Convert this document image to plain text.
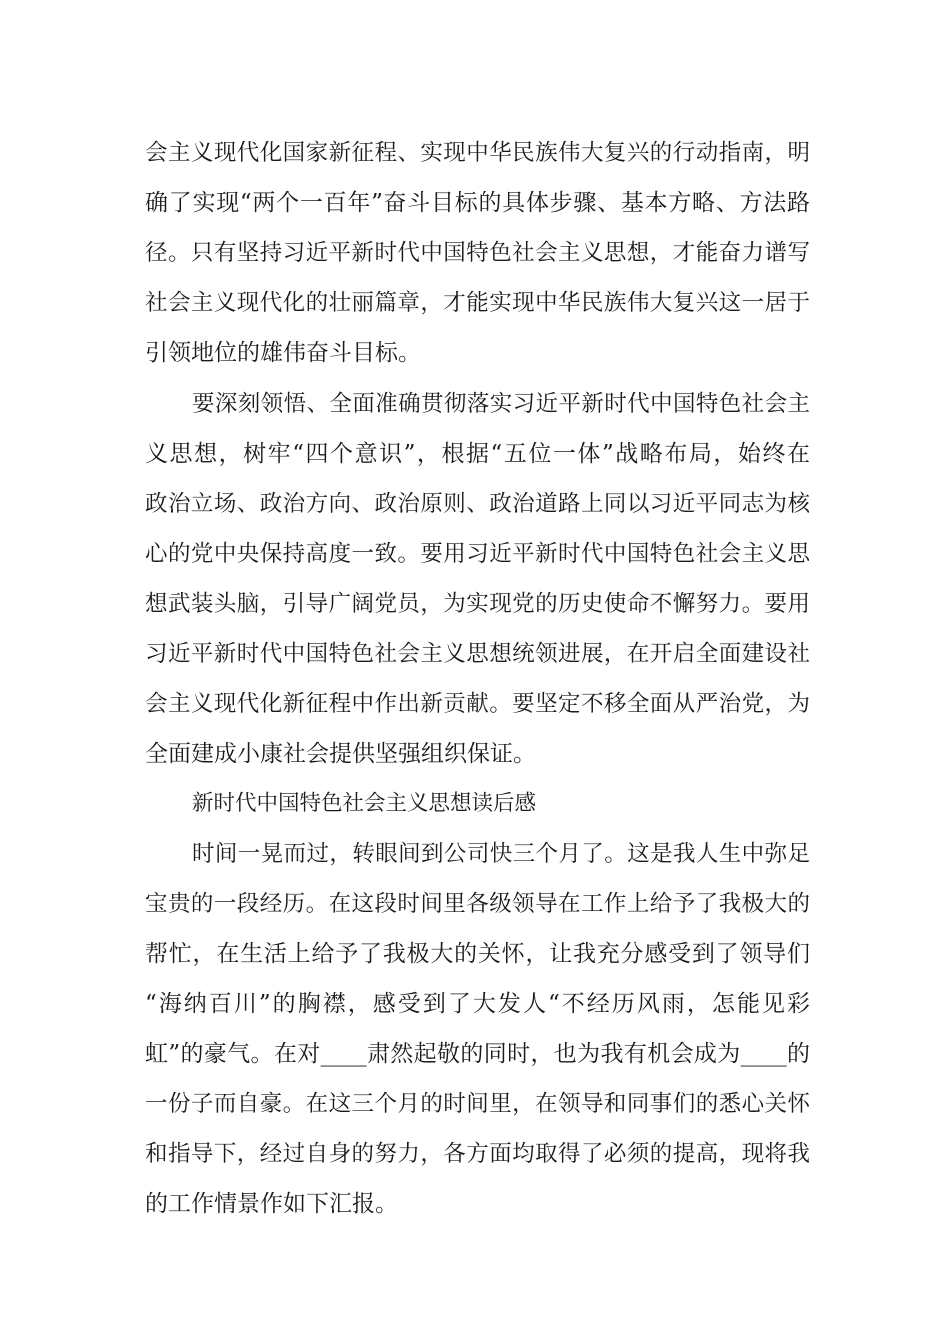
会主义现代化国家新征程、实现中华民族伟大复兴的行动指南，明

确了实现“两个一百年”奋斗目标的具体步骤、基本方略、方法路

径。只有坚持习近平新时代中国特色社会主义思想，才能奋力谱写

社会主义现代化的壮丽篇章，才能实现中华民族伟大复兴这一居于

引领地位的雄伟奋斗目标。

要深刻领悟、全面准确贯彻落实习近平新时代中国特色社会主

义思想，树牢“四个意识”，根据“五位一体”战略布局，始终在

政治立场、政治方向、政治原则、政治道路上同以习近平同志为核

心的党中央保持高度一致。要用习近平新时代中国特色社会主义思

想武装头脑，引导广阔党员，为实现党的历史使命不懈努力。要用

习近平新时代中国特色社会主义思想统领进展，在开启全面建设社

会主义现代化新征程中作出新贡献。要坚定不移全面从严治党，为

全面建成小康社会提供坚强组织保证。

新时代中国特色社会主义思想读后感

时间一晃而过，转眼间到公司快三个月了。这是我人生中弥足

宝贵的一段经历。在这段时间里各级领导在工作上给予了我极大的

帮忙，在生活上给予了我极大的关怀，让我充分感受到了领导们

“海纳百川”的胸襟，感受到了大发人“不经历风雨，怎能见彩

虹”的豪气。在对____肃然起敬的同时，也为我有机会成为____的

一份子而自豪。在这三个月的时间里，在领导和同事们的悉心关怀

和指导下，经过自身的努力，各方面均取得了必须的提高，现将我

的工作情景作如下汇报。
